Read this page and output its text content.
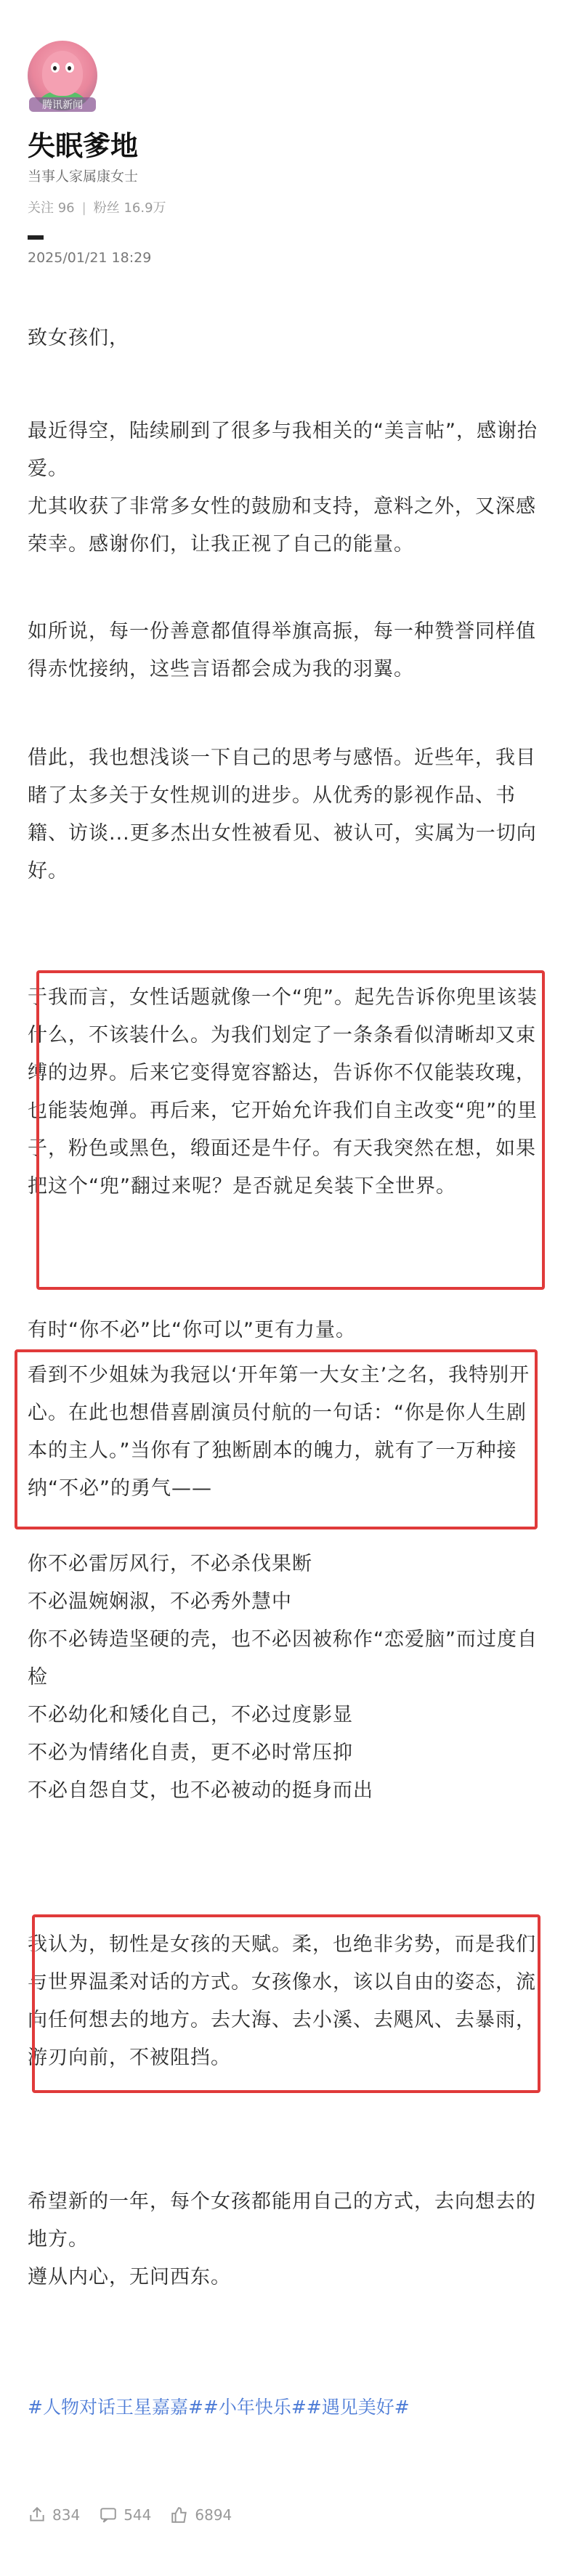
腾讯新闻
失眠爹地
当事人家属康女士
关注 96 | 粉丝 16.9万
2025/01/21 18:29
致女孩们，
最近得空，陆续刷到了很多与我相关的“美言帖”，感谢抬爱。
尤其收获了非常多女性的鼓励和支持，意料之外，又深感荣幸。感谢你们，让我正视了自己的能量。
如所说，每一份善意都值得举旗高振，每一种赞誉同样值得赤忱接纳，这些言语都会成为我的羽翼。
借此，我也想浅谈一下自己的思考与感悟。近些年，我目睹了太多关于女性规训的进步。从优秀的影视作品、书籍、访谈...更多杰出女性被看见、被认可，实属为一切向好。
于我而言，女性话题就像一个“兜”。起先告诉你兜里该装什么，不该装什么。为我们划定了一条条看似清晰却又束缚的边界。后来它变得宽容豁达，告诉你不仅能装玫瑰，也能装炮弹。再后来，它开始允许我们自主改变“兜”的里子，粉色或黑色，缎面还是牛仔。有天我突然在想，如果把这个“兜”翻过来呢？是否就足矣装下全世界。
有时“你不必”比“你可以”更有力量。
看到不少姐妹为我冠以‘开年第一大女主’之名，我特别开心。在此也想借喜剧演员付航的一句话：“你是你人生剧本的主人。”当你有了独断剧本的魄力，就有了一万种接纳“不必”的勇气——
你不必雷厉风行，不必杀伐果断
不必温婉娴淑，不必秀外慧中
你不必铸造坚硬的壳，也不必因被称作“恋爱脑”而过度自检
不必幼化和矮化自己，不必过度影显
不必为情绪化自责，更不必时常压抑
不必自怨自艾，也不必被动的挺身而出
我认为，韧性是女孩的天赋。柔，也绝非劣势，而是我们与世界温柔对话的方式。女孩像水，该以自由的姿态，流向任何想去的地方。去大海、去小溪、去飓风、去暴雨，游刃向前，不被阻挡。
希望新的一年，每个女孩都能用自己的方式，去向想去的地方。
遵从内心，无问西东。
#人物对话王星嘉嘉##小年快乐##遇见美好#
834	544	6894
